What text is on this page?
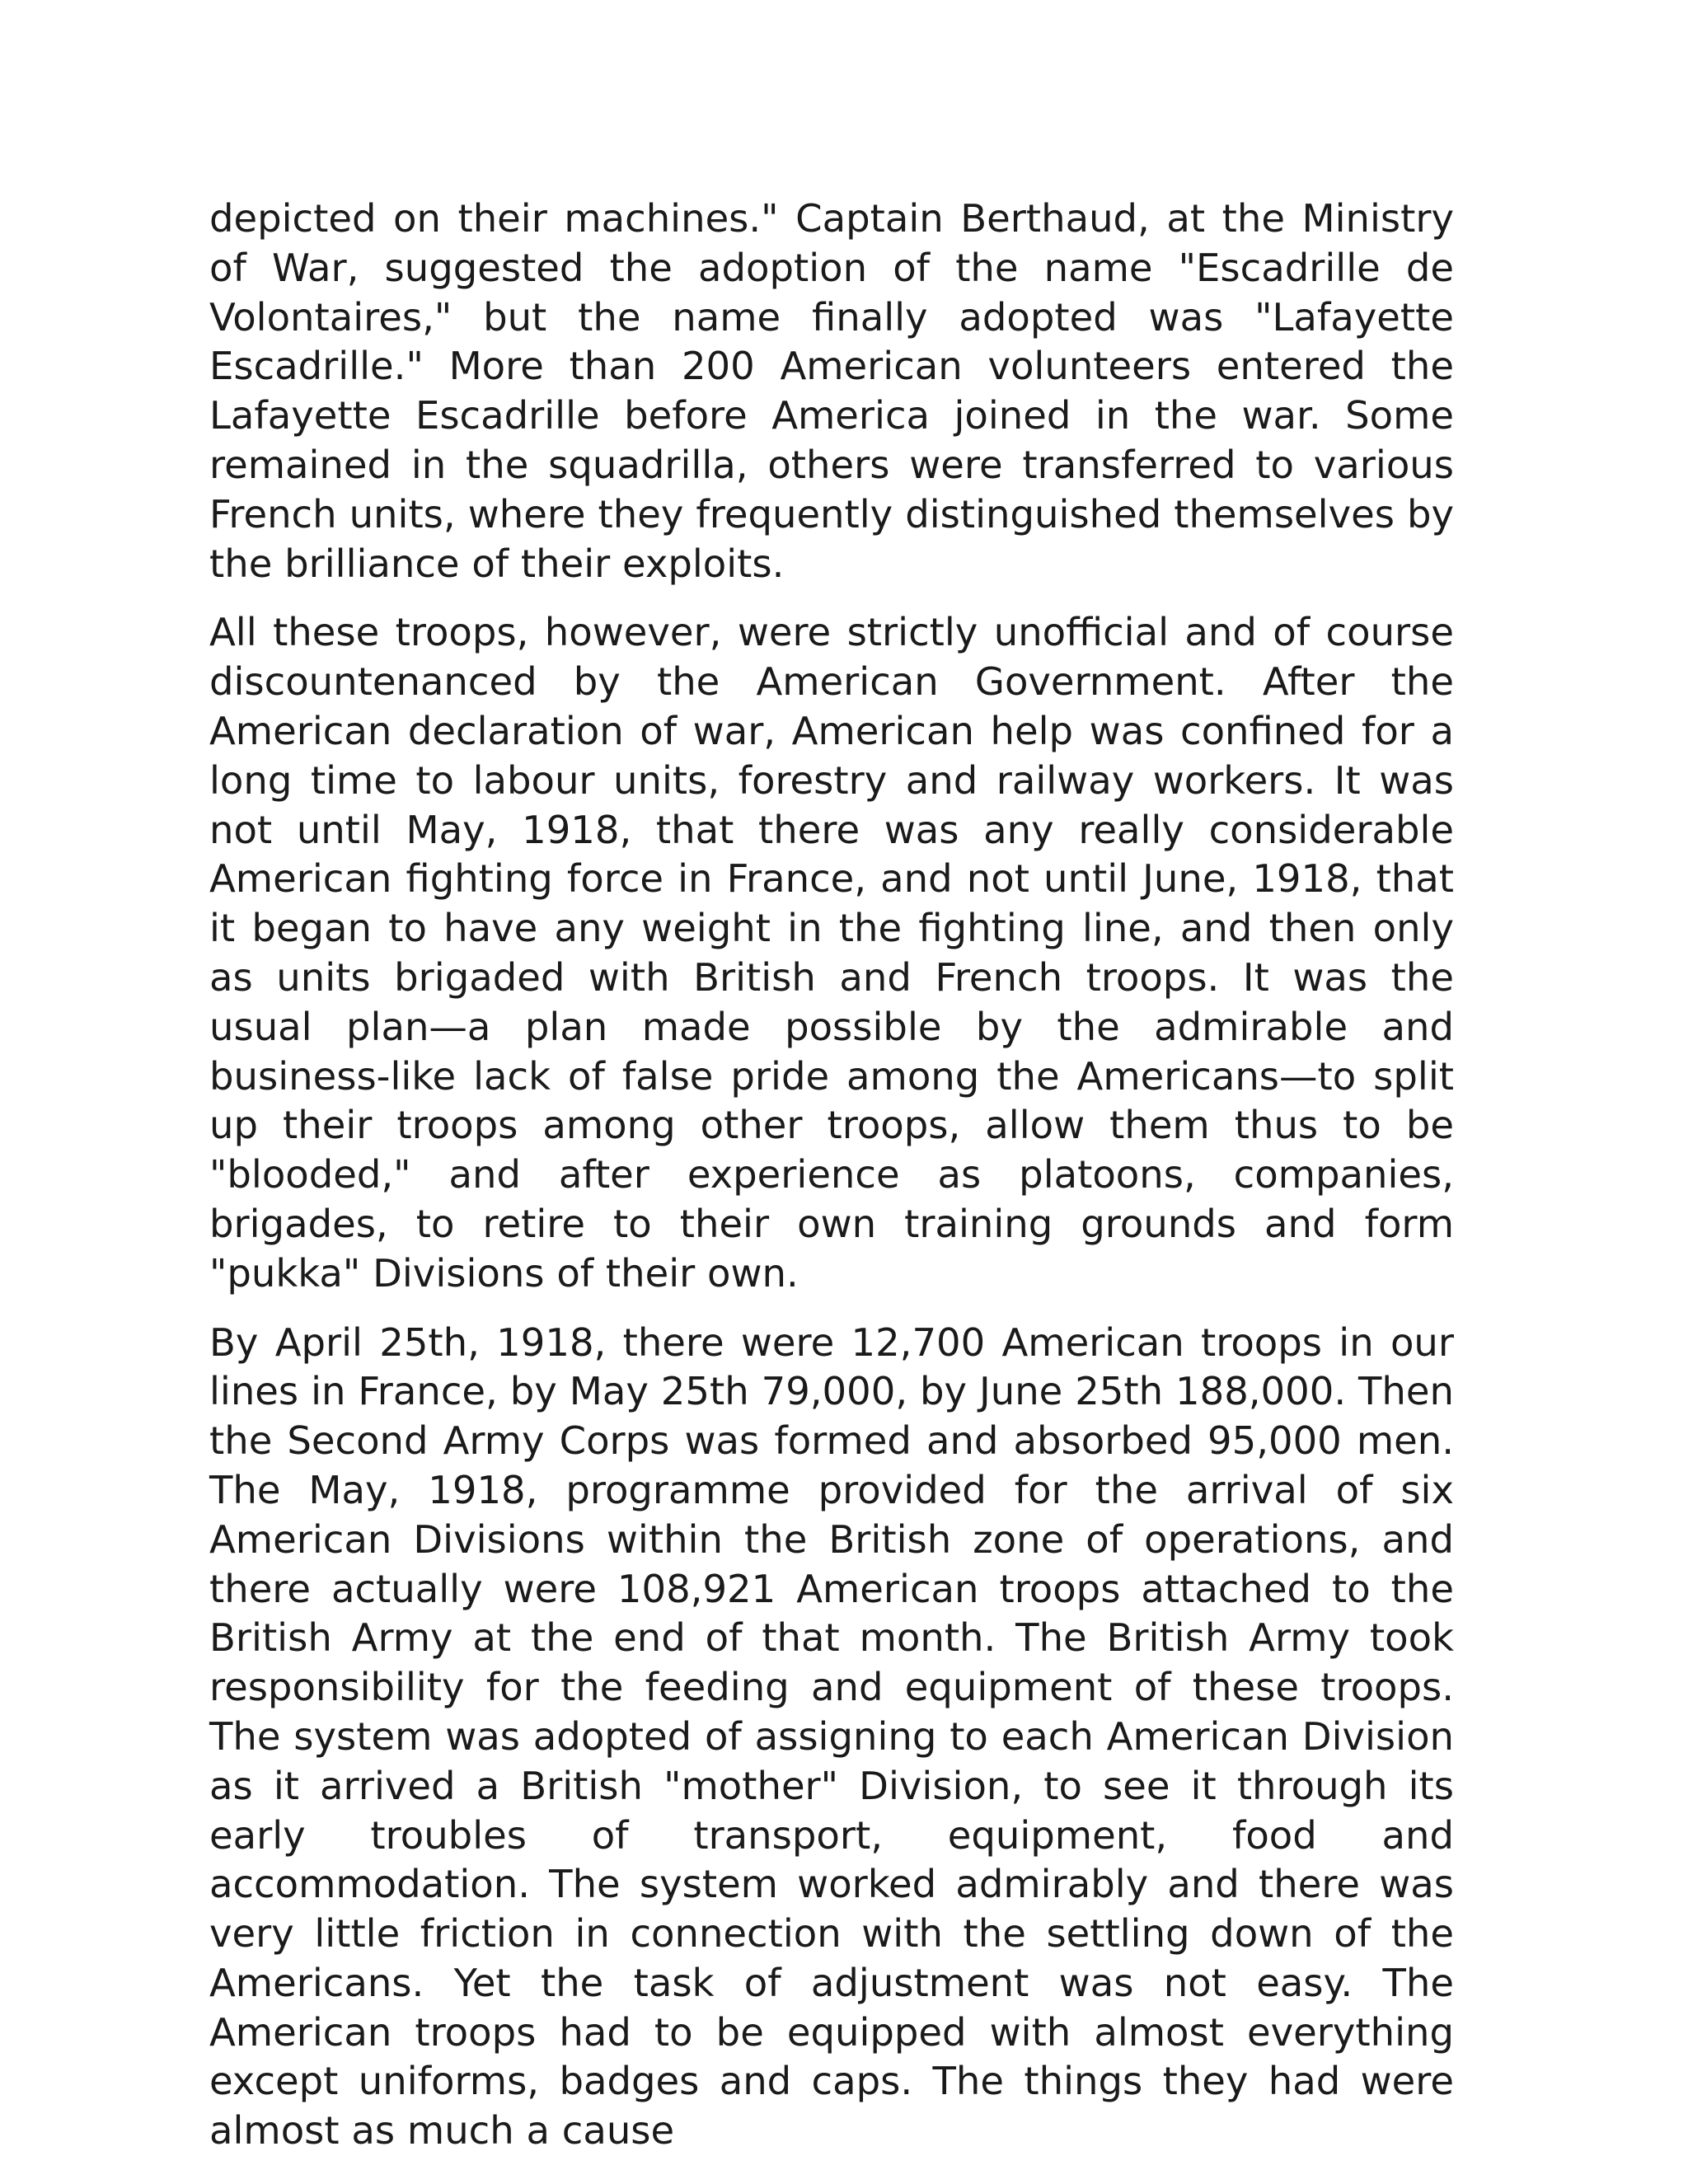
depicted on their machines." Captain Berthaud, at the Ministry of War, suggested the adoption of the name "Escadrille de Volontaires," but the name finally adopted was "Lafayette Escadrille." More than 200 American volunteers entered the Lafayette Escadrille before America joined in the war. Some remained in the squadrilla, others were transferred to various French units, where they frequently distinguished themselves by the brilliance of their exploits.

All these troops, however, were strictly unofficial and of course discountenanced by the American Government. After the American declaration of war, American help was confined for a long time to labour units, forestry and railway workers. It was not until May, 1918, that there was any really considerable American fighting force in France, and not until June, 1918, that it began to have any weight in the fighting line, and then only as units brigaded with British and French troops. It was the usual plan—a plan made possible by the admirable and business-like lack of false pride among the Americans—to split up their troops among other troops, allow them thus to be "blooded," and after experience as platoons, companies, brigades, to retire to their own training grounds and form "pukka" Divisions of their own.

By April 25th, 1918, there were 12,700 American troops in our lines in France, by May 25th 79,000, by June 25th 188,000. Then the Second Army Corps was formed and absorbed 95,000 men. The May, 1918, programme provided for the arrival of six American Divisions within the British zone of operations, and there actually were 108,921 American troops attached to the British Army at the end of that month. The British Army took responsibility for the feeding and equipment of these troops. The system was adopted of assigning to each American Division as it arrived a British "mother" Division, to see it through its early troubles of transport, equipment, food and accommodation. The system worked admirably and there was very little friction in connection with the settling down of the Americans. Yet the task of adjustment was not easy. The American troops had to be equipped with almost everything except uniforms, badges and caps. The things they had were almost as much a cause
